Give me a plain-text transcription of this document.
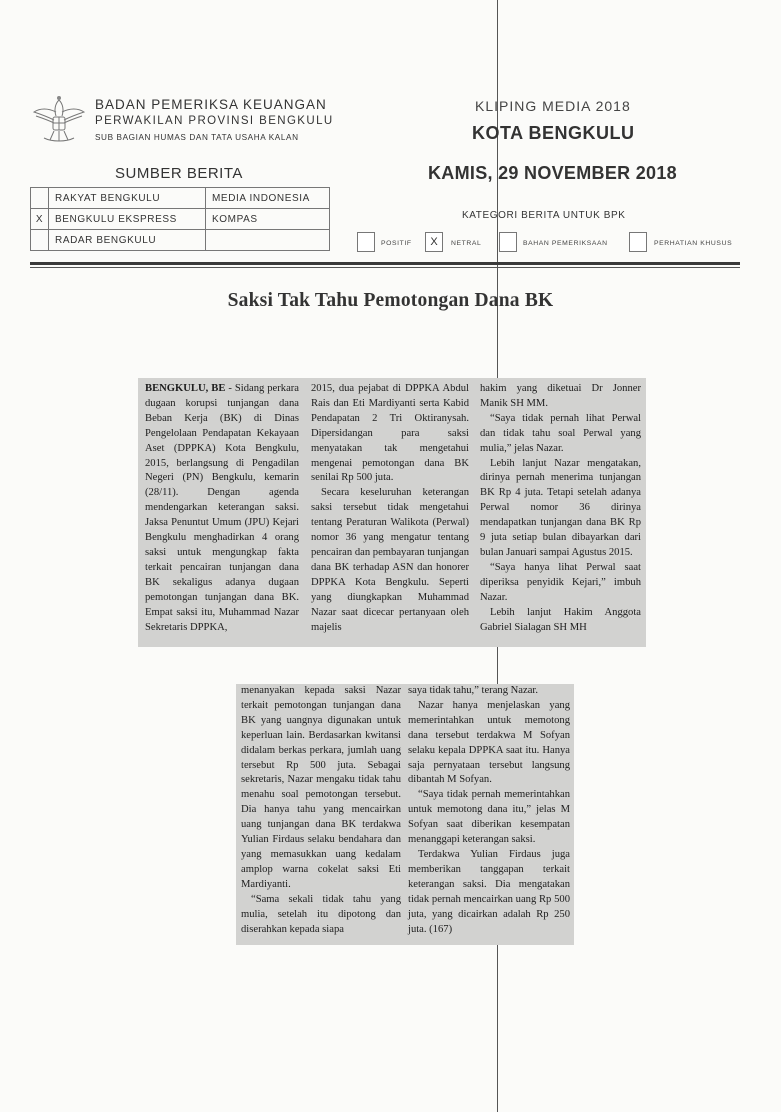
BADAN PEMERIKSA KEUANGAN
PERWAKILAN PROVINSI BENGKULU
SUB BAGIAN HUMAS DAN TATA USAHA KALAN
KLIPING MEDIA 2018
KOTA BENGKULU
KAMIS, 29 NOVEMBER 2018
SUMBER BERITA
	RAKYAT BENGKULU	MEDIA INDONESIA
X	BENGKULU EKSPRESS	KOMPAS
	RADAR BENGKULU	
KATEGORI BERITA UNTUK BPK
POSITIF	X	NETRAL	BAHAN PEMERIKSAAN	PERHATIAN KHUSUS
Saksi Tak Tahu Pemotongan Dana BK

BENGKULU, BE - Sidang perkara dugaan korupsi tunjangan dana Beban Kerja (BK) di Dinas Pengelolaan Pendapatan Kekayaan Aset (DPPKA) Kota Bengkulu, 2015, berlangsung di Pengadilan Negeri (PN) Bengkulu, kemarin (28/11). Dengan agenda mendengarkan keterangan saksi. Jaksa Penuntut Umum (JPU) Kejari Bengkulu menghadirkan 4 orang saksi untuk mengungkap fakta terkait pencairan tunjangan dana BK sekaligus adanya dugaan pemotongan tunjangan dana BK. Empat saksi itu, Muhammad Nazar Sekretaris DPPKA,

2015, dua pejabat di DPPKA Abdul Rais dan Eti Mardiyanti serta Kabid Pendapatan 2 Tri Oktiranysah. Dipersidangan para saksi menyatakan tak mengetahui mengenai pemotongan dana BK senilai Rp 500 juta.

Secara keseluruhan keterangan saksi tersebut tidak mengetahui tentang Peraturan Walikota (Perwal) nomor 36 yang mengatur tentang pencairan dan pembayaran tunjangan dana BK terhadap ASN dan honorer DPPKA Kota Bengkulu. Seperti yang diungkapkan Muhammad Nazar saat dicecar pertanyaan oleh majelis

hakim yang diketuai Dr Jonner Manik SH MM.

“Saya tidak pernah lihat Perwal dan tidak tahu soal Perwal yang mulia,” jelas Nazar.

Lebih lanjut Nazar mengatakan, dirinya pernah menerima tunjangan BK Rp 4 juta. Tetapi setelah adanya Perwal nomor 36 dirinya mendapatkan tunjangan dana BK Rp 9 juta setiap bulan dibayarkan dari bulan Januari sampai Agustus 2015.

“Saya hanya lihat Perwal saat diperiksa penyidik Kejari,” imbuh Nazar.

Lebih lanjut Hakim Anggota Gabriel Sialagan SH MH

menanyakan kepada saksi Nazar terkait pemotongan tunjangan dana BK yang uangnya digunakan untuk keperluan lain. Berdasarkan kwitansi didalam berkas perkara, jumlah uang tersebut Rp 500 juta. Sebagai sekretaris, Nazar mengaku tidak tahu menahu soal pemotongan tersebut. Dia hanya tahu yang mencairkan uang tunjangan dana BK terdakwa Yulian Firdaus selaku bendahara dan yang memasukkan uang kedalam amplop warna cokelat saksi Eti Mardiyanti.

“Sama sekali tidak tahu yang mulia, setelah itu dipotong dan diserahkan kepada siapa

saya tidak tahu,” terang Nazar.

Nazar hanya menjelaskan yang memerintahkan untuk memotong dana tersebut terdakwa M Sofyan selaku kepala DPPKA saat itu. Hanya saja pernyataan tersebut langsung dibantah M Sofyan.

“Saya tidak pernah memerintahkan untuk memotong dana itu,” jelas M Sofyan saat diberikan kesempatan menanggapi keterangan saksi.

Terdakwa Yulian Firdaus juga memberikan tanggapan terkait keterangan saksi. Dia mengatakan tidak pernah mencairkan uang Rp 500 juta, yang dicairkan adalah Rp 250 juta. (167)
